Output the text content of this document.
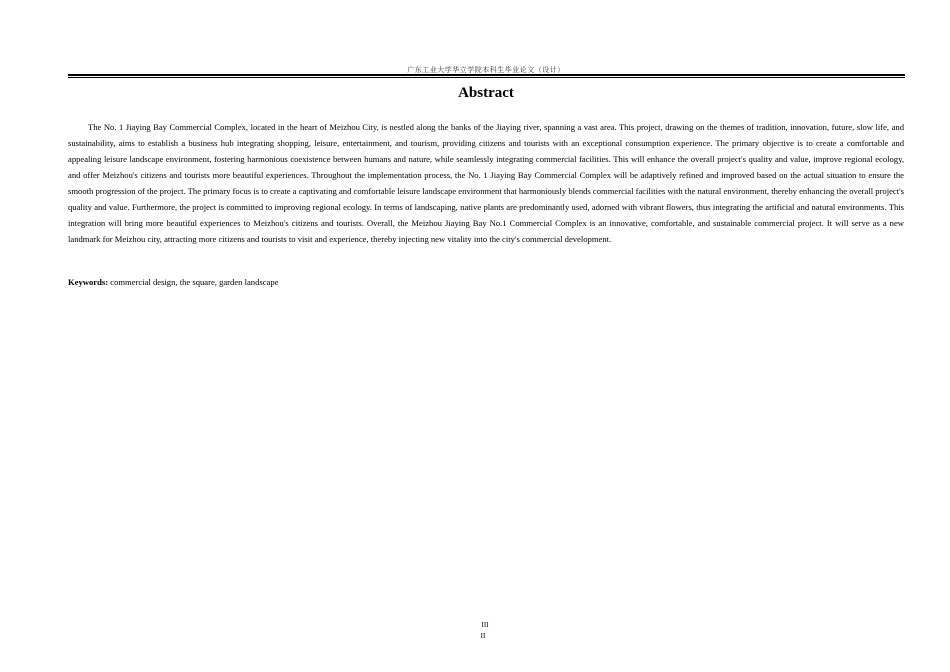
广东工业大学华立学院本科生毕业论文（设计）
Abstract

The No. 1 Jiaying Bay Commercial Complex, located in the heart of Meizhou City, is nestled along the banks of the Jiaying river, spanning a vast area. This project, drawing on the themes of tradition, innovation, future, slow life, and sustainability, aims to establish a business hub integrating shopping, leisure, entertainment, and tourism, providing citizens and tourists with an exceptional consumption experience. The primary objective is to create a comfortable and appealing leisure landscape environment, fostering harmonious coexistence between humans and nature, while seamlessly integrating commercial facilities. This will enhance the overall project's quality and value, improve regional ecology, and offer Meizhou's citizens and tourists more beautiful experiences. Throughout the implementation process, the No. 1 Jiaying Bay Commercial Complex will be adaptively refined and improved based on the actual situation to ensure the smooth progression of the project. The primary focus is to create a captivating and comfortable leisure landscape environment that harmoniously blends commercial facilities with the natural environment, thereby enhancing the overall project's quality and value. Furthermore, the project is committed to improving regional ecology. In terms of landscaping, native plants are predominantly used, adorned with vibrant flowers, thus integrating the artificial and natural environments. This integration will bring more beautiful experiences to Meizhou's citizens and tourists. Overall, the Meizhou Jiaying Bay No.1 Commercial Complex is an innovative, comfortable, and sustainable commercial project. It will serve as a new landmark for Meizhou city, attracting more citizens and tourists to visit and experience, thereby injecting new vitality into the city's commercial development.

Keywords: commercial design, the square, garden landscape

III
II
